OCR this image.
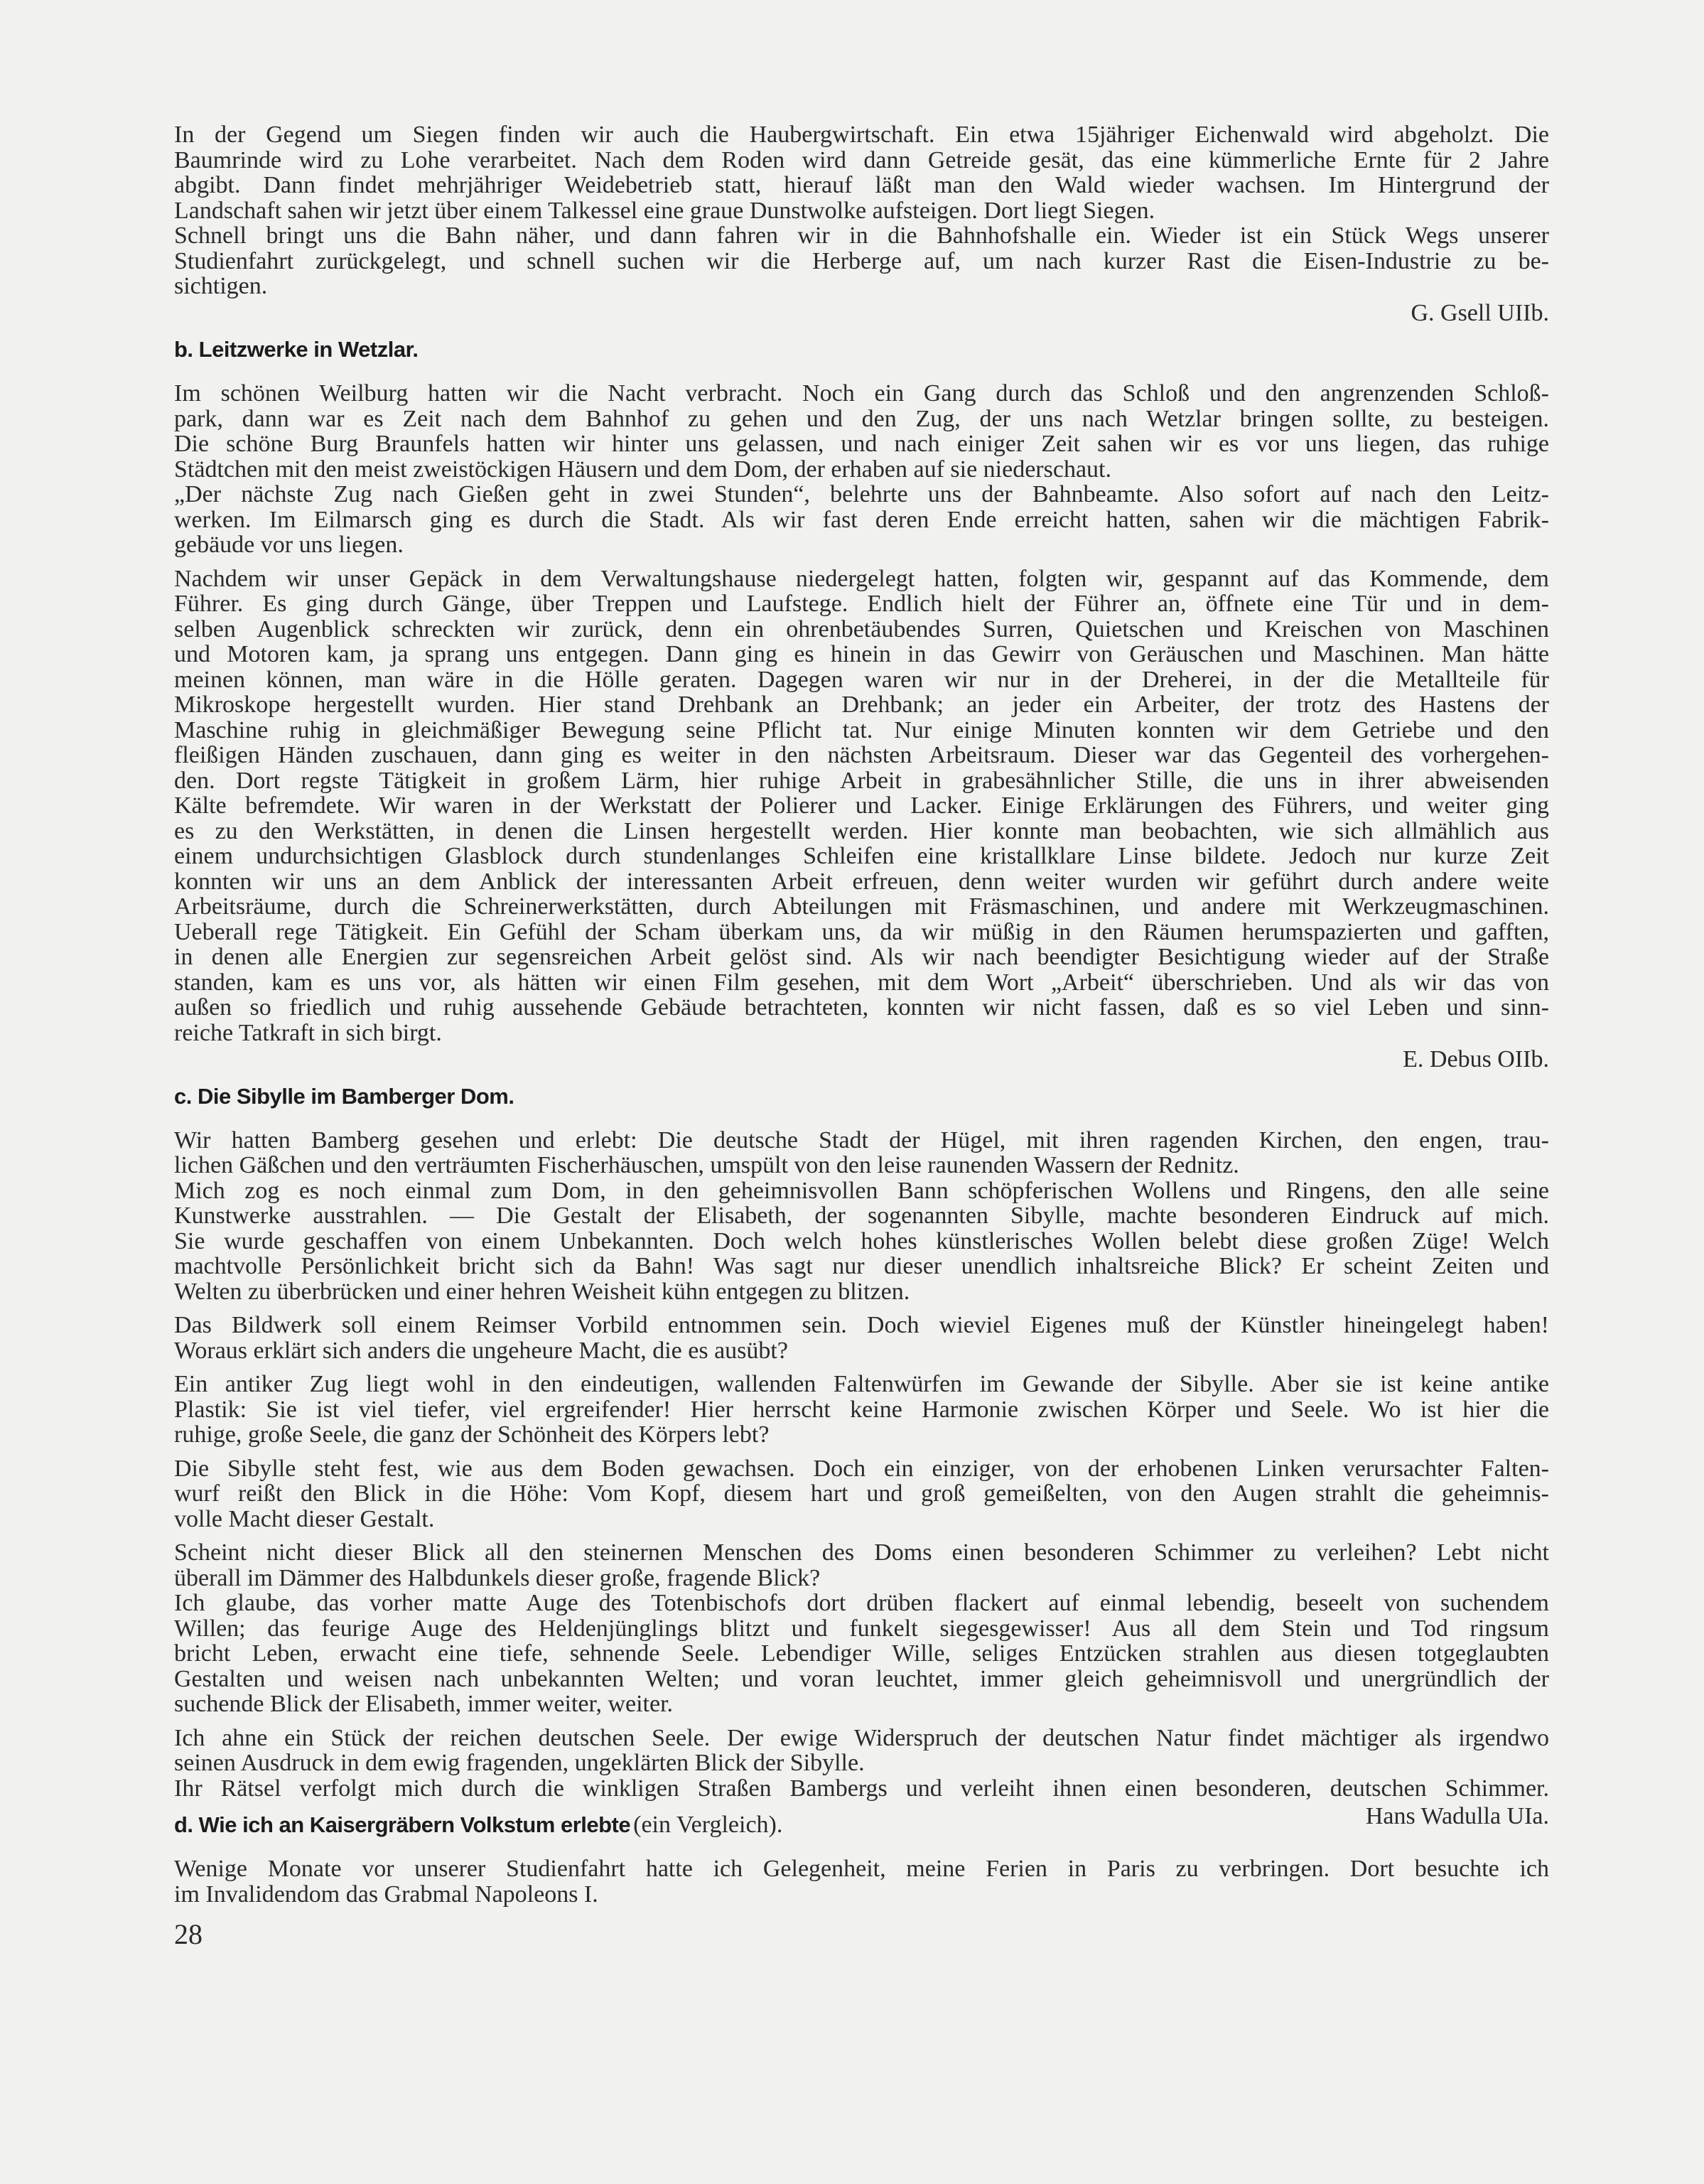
In der Gegend um Siegen finden wir auch die Haubergwirtschaft. Ein etwa 15jähriger Eichenwald wird abgeholzt. Die
Baumrinde wird zu Lohe verarbeitet. Nach dem Roden wird dann Getreide gesät, das eine kümmerliche Ernte für 2 Jahre
abgibt. Dann findet mehrjähriger Weidebetrieb statt, hierauf läßt man den Wald wieder wachsen. Im Hintergrund der
Landschaft sahen wir jetzt über einem Talkessel eine graue Dunstwolke aufsteigen. Dort liegt Siegen.
Schnell bringt uns die Bahn näher, und dann fahren wir in die Bahnhofshalle ein. Wieder ist ein Stück Wegs unserer
Studienfahrt zurückgelegt, und schnell suchen wir die Herberge auf, um nach kurzer Rast die Eisen-Industrie zu be-
sichtigen.
G. Gsell UIIb.
b. Leitzwerke in Wetzlar.
Im schönen Weilburg hatten wir die Nacht verbracht. Noch ein Gang durch das Schloß und den angrenzenden Schloß-
park, dann war es Zeit nach dem Bahnhof zu gehen und den Zug, der uns nach Wetzlar bringen sollte, zu besteigen.
Die schöne Burg Braunfels hatten wir hinter uns gelassen, und nach einiger Zeit sahen wir es vor uns liegen, das ruhige
Städtchen mit den meist zweistöckigen Häusern und dem Dom, der erhaben auf sie niederschaut.
„Der nächste Zug nach Gießen geht in zwei Stunden“, belehrte uns der Bahnbeamte. Also sofort auf nach den Leitz-
werken. Im Eilmarsch ging es durch die Stadt. Als wir fast deren Ende erreicht hatten, sahen wir die mächtigen Fabrik-
gebäude vor uns liegen.
Nachdem wir unser Gepäck in dem Verwaltungshause niedergelegt hatten, folgten wir, gespannt auf das Kommende, dem
Führer. Es ging durch Gänge, über Treppen und Laufstege. Endlich hielt der Führer an, öffnete eine Tür und in dem-
selben Augenblick schreckten wir zurück, denn ein ohrenbetäubendes Surren, Quietschen und Kreischen von Maschinen
und Motoren kam, ja sprang uns entgegen. Dann ging es hinein in das Gewirr von Geräuschen und Maschinen. Man hätte
meinen können, man wäre in die Hölle geraten. Dagegen waren wir nur in der Dreherei, in der die Metallteile für
Mikroskope hergestellt wurden. Hier stand Drehbank an Drehbank; an jeder ein Arbeiter, der trotz des Hastens der
Maschine ruhig in gleichmäßiger Bewegung seine Pflicht tat. Nur einige Minuten konnten wir dem Getriebe und den
fleißigen Händen zuschauen, dann ging es weiter in den nächsten Arbeitsraum. Dieser war das Gegenteil des vorhergehen-
den. Dort regste Tätigkeit in großem Lärm, hier ruhige Arbeit in grabesähnlicher Stille, die uns in ihrer abweisenden
Kälte befremdete. Wir waren in der Werkstatt der Polierer und Lacker. Einige Erklärungen des Führers, und weiter ging
es zu den Werkstätten, in denen die Linsen hergestellt werden. Hier konnte man beobachten, wie sich allmählich aus
einem undurchsichtigen Glasblock durch stundenlanges Schleifen eine kristallklare Linse bildete. Jedoch nur kurze Zeit
konnten wir uns an dem Anblick der interessanten Arbeit erfreuen, denn weiter wurden wir geführt durch andere weite
Arbeitsräume, durch die Schreinerwerkstätten, durch Abteilungen mit Fräsmaschinen, und andere mit Werkzeugmaschinen.
Ueberall rege Tätigkeit. Ein Gefühl der Scham überkam uns, da wir müßig in den Räumen herumspazierten und gafften,
in denen alle Energien zur segensreichen Arbeit gelöst sind. Als wir nach beendigter Besichtigung wieder auf der Straße
standen, kam es uns vor, als hätten wir einen Film gesehen, mit dem Wort „Arbeit“ überschrieben. Und als wir das von
außen so friedlich und ruhig aussehende Gebäude betrachteten, konnten wir nicht fassen, daß es so viel Leben und sinn-
reiche Tatkraft in sich birgt.
E. Debus OIIb.
c. Die Sibylle im Bamberger Dom.
Wir hatten Bamberg gesehen und erlebt: Die deutsche Stadt der Hügel, mit ihren ragenden Kirchen, den engen, trau-
lichen Gäßchen und den verträumten Fischerhäuschen, umspült von den leise raunenden Wassern der Rednitz.
Mich zog es noch einmal zum Dom, in den geheimnisvollen Bann schöpferischen Wollens und Ringens, den alle seine
Kunstwerke ausstrahlen. — Die Gestalt der Elisabeth, der sogenannten Sibylle, machte besonderen Eindruck auf mich.
Sie wurde geschaffen von einem Unbekannten. Doch welch hohes künstlerisches Wollen belebt diese großen Züge! Welch
machtvolle Persönlichkeit bricht sich da Bahn! Was sagt nur dieser unendlich inhaltsreiche Blick? Er scheint Zeiten und
Welten zu überbrücken und einer hehren Weisheit kühn entgegen zu blitzen.
Das Bildwerk soll einem Reimser Vorbild entnommen sein. Doch wieviel Eigenes muß der Künstler hineingelegt haben!
Woraus erklärt sich anders die ungeheure Macht, die es ausübt?
Ein antiker Zug liegt wohl in den eindeutigen, wallenden Faltenwürfen im Gewande der Sibylle. Aber sie ist keine antike
Plastik: Sie ist viel tiefer, viel ergreifender! Hier herrscht keine Harmonie zwischen Körper und Seele. Wo ist hier die
ruhige, große Seele, die ganz der Schönheit des Körpers lebt?
Die Sibylle steht fest, wie aus dem Boden gewachsen. Doch ein einziger, von der erhobenen Linken verursachter Falten-
wurf reißt den Blick in die Höhe: Vom Kopf, diesem hart und groß gemeißelten, von den Augen strahlt die geheimnis-
volle Macht dieser Gestalt.
Scheint nicht dieser Blick all den steinernen Menschen des Doms einen besonderen Schimmer zu verleihen? Lebt nicht
überall im Dämmer des Halbdunkels dieser große, fragende Blick?
Ich glaube, das vorher matte Auge des Totenbischofs dort drüben flackert auf einmal lebendig, beseelt von suchendem
Willen; das feurige Auge des Heldenjünglings blitzt und funkelt siegesgewisser! Aus all dem Stein und Tod ringsum
bricht Leben, erwacht eine tiefe, sehnende Seele. Lebendiger Wille, seliges Entzücken strahlen aus diesen totgeglaubten
Gestalten und weisen nach unbekannten Welten; und voran leuchtet, immer gleich geheimnisvoll und unergründlich der
suchende Blick der Elisabeth, immer weiter, weiter.
Ich ahne ein Stück der reichen deutschen Seele. Der ewige Widerspruch der deutschen Natur findet mächtiger als irgendwo
seinen Ausdruck in dem ewig fragenden, ungeklärten Blick der Sibylle.
Ihr Rätsel verfolgt mich durch die winkligen Straßen Bambergs und verleiht ihnen einen besonderen, deutschen Schimmer.
d. Wie ich an Kaisergräbern Volkstum erlebte (ein Vergleich).	Hans Wadulla UIa.
Wenige Monate vor unserer Studienfahrt hatte ich Gelegenheit, meine Ferien in Paris zu verbringen. Dort besuchte ich
im Invalidendom das Grabmal Napoleons I.
28
